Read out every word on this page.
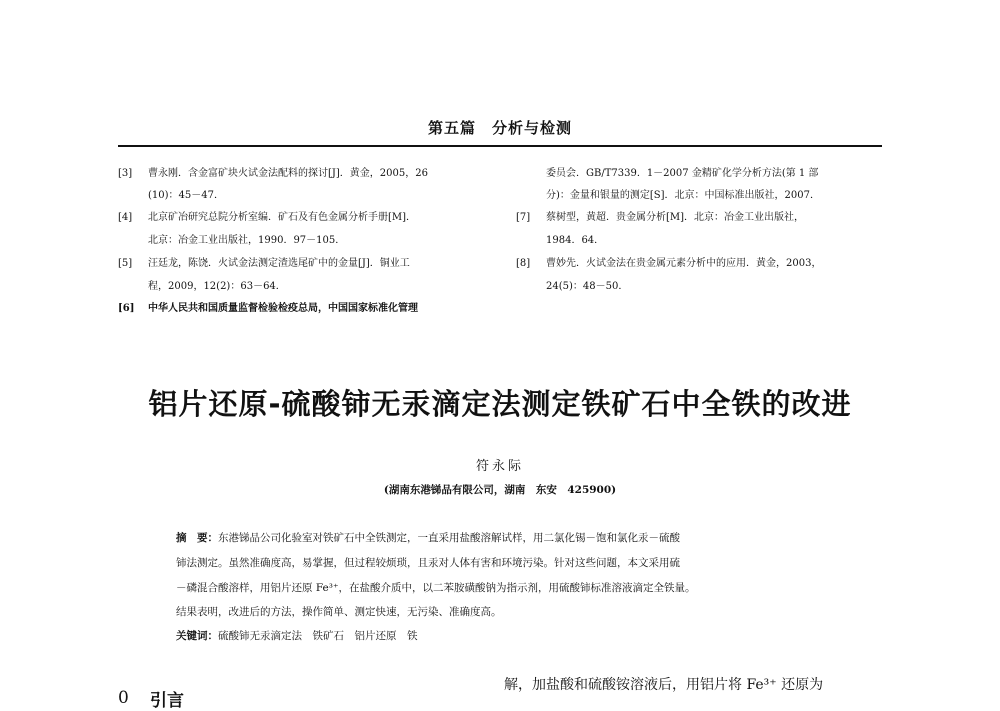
第五篇　分析与检测
[3] 曹永刚．含金富矿块火试金法配料的探讨[J]．黄金，2005，26
(10)：45－47．
[4] 北京矿冶研究总院分析室编．矿石及有色金属分析手册[M]．
北京：冶金工业出版社，1990．97－105．
[5] 汪廷龙，陈饶．火试金法测定渣选尾矿中的金量[J]．铜业工
程，2009，12(2)：63－64．
[6] 中华人民共和国质量监督检验检疫总局，中国国家标准化管理
委员会．GB/T7339．1－2007 金精矿化学分析方法(第 1 部
分)：金量和银量的测定[S]．北京：中国标准出版社，2007．
[7] 蔡树型，黄超．贵金属分析[M]．北京：冶金工业出版社，
1984．64．
[8] 曹妙先．火试金法在贵金属元素分析中的应用．黄金，2003，
24(5)：48－50．
铝片还原-硫酸铈无汞滴定法测定铁矿石中全铁的改进
符永际
(湖南东港锑品有限公司，湖南　东安　425900)
摘　要：东港锑品公司化验室对铁矿石中全铁测定，一直采用盐酸溶解试样，用二氯化锡－饱和氯化汞－硫酸
铈法测定。虽然准确度高，易掌握，但过程较烦琐，且汞对人体有害和环境污染。针对这些问题，本文采用硫
－磷混合酸溶样，用铝片还原 Fe³⁺，在盐酸介质中，以二苯胺磺酸钠为指示剂，用硫酸铈标准溶液滴定全铁量。
结果表明，改进后的方法，操作简单、测定快速，无污染、准确度高。
关键词：硫酸铈无汞滴定法　铁矿石　铝片还原　铁
0 引言
解，加盐酸和硫酸铵溶液后，用铝片将 Fe³⁺ 还原为
